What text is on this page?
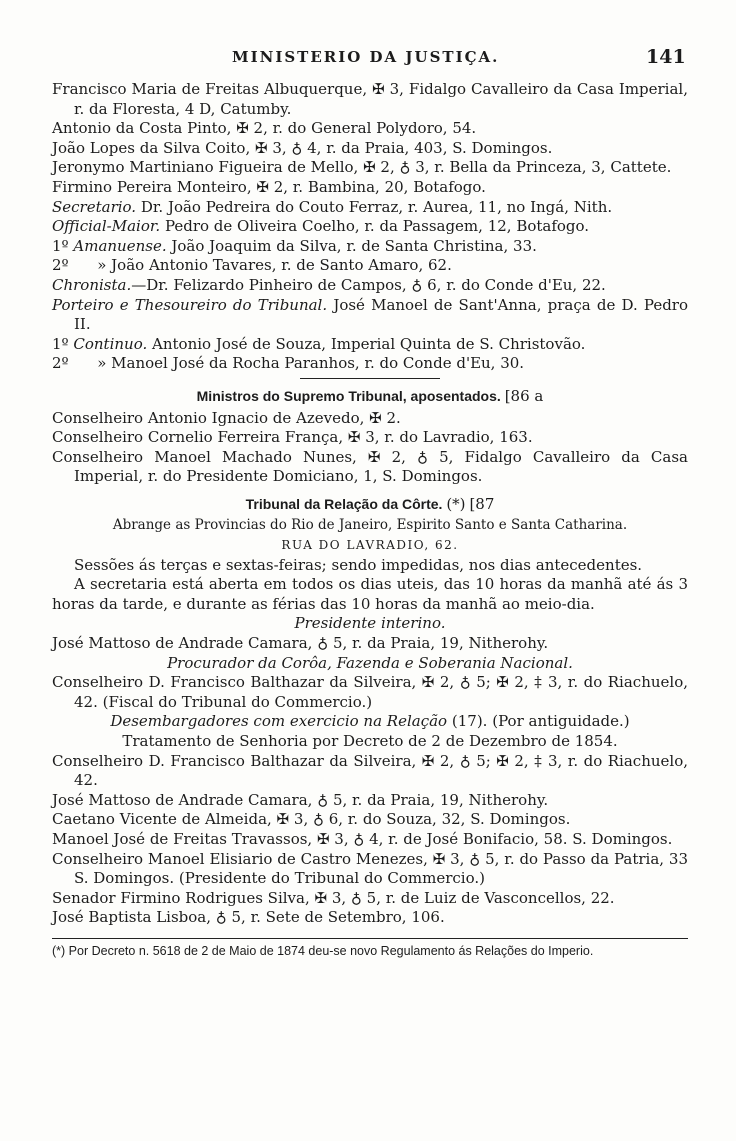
MINISTERIO DA JUSTIÇA.	141

Francisco Maria de Freitas Albuquerque, ✠ 3, Fidalgo Cavalleiro da Casa Imperial, r. da Floresta, 4 D, Catumby.

Antonio da Costa Pinto, ✠ 2, r. do General Polydoro, 54.

João Lopes da Silva Coito, ✠ 3, ♁ 4, r. da Praia, 403, S. Domingos.

Jeronymo Martiniano Figueira de Mello, ✠ 2, ♁ 3, r. Bella da Princeza, 3, Cattete.

Firmino Pereira Monteiro, ✠ 2, r. Bambina, 20, Botafogo.

Secretario. Dr. João Pedreira do Couto Ferraz, r. Aurea, 11, no Ingá, Nith.

Official-Maior. Pedro de Oliveira Coelho, r. da Passagem, 12, Botafogo.

1º Amanuense. João Joaquim da Silva, r. de Santa Christina, 33.

2º      » João Antonio Tavares, r. de Santo Amaro, 62.

Chronista.—Dr. Felizardo Pinheiro de Campos, ♁ 6, r. do Conde d'Eu, 22.

Porteiro e Thesoureiro do Tribunal. José Manoel de Sant'Anna, praça de D. Pedro II.

1º Continuo. Antonio José de Souza, Imperial Quinta de S. Christovão.

2º      » Manoel José da Rocha Paranhos, r. do Conde d'Eu, 30.

Ministros do Supremo Tribunal, aposentados. [86 a

Conselheiro Antonio Ignacio de Azevedo, ✠ 2.

Conselheiro Cornelio Ferreira França, ✠ 3, r. do Lavradio, 163.

Conselheiro Manoel Machado Nunes, ✠ 2, ♁ 5, Fidalgo Cavalleiro da Casa Imperial, r. do Presidente Domiciano, 1, S. Domingos.

Tribunal da Relação da Côrte. (*) [87

Abrange as Provincias do Rio de Janeiro, Espirito Santo e Santa Catharina.

RUA DO LAVRADIO, 62.

Sessões ás terças e sextas-feiras; sendo impedidas, nos dias antecedentes.

A secretaria está aberta em todos os dias uteis, das 10 horas da manhã até ás 3 horas da tarde, e durante as férias das 10 horas da manhã ao meio-dia.

Presidente interino.

José Mattoso de Andrade Camara, ♁ 5, r. da Praia, 19, Nitherohy.

Procurador da Corôa, Fazenda e Soberania Nacional.

Conselheiro D. Francisco Balthazar da Silveira, ✠ 2, ♁ 5; ✠ 2, ‡ 3, r. do Riachuelo, 42. (Fiscal do Tribunal do Commercio.)

Desembargadores com exercicio na Relação (17). (Por antiguidade.)

Tratamento de Senhoria por Decreto de 2 de Dezembro de 1854.

Conselheiro D. Francisco Balthazar da Silveira, ✠ 2, ♁ 5; ✠ 2, ‡ 3, r. do Riachuelo, 42.

José Mattoso de Andrade Camara, ♁ 5, r. da Praia, 19, Nitherohy.

Caetano Vicente de Almeida, ✠ 3, ♁ 6, r. do Souza, 32, S. Domingos.

Manoel José de Freitas Travassos, ✠ 3, ♁ 4, r. de José Bonifacio, 58. S. Domingos.

Conselheiro Manoel Elisiario de Castro Menezes, ✠ 3, ♁ 5, r. do Passo da Patria, 33 S. Domingos. (Presidente do Tribunal do Commercio.)

Senador Firmino Rodrigues Silva, ✠ 3, ♁ 5, r. de Luiz de Vasconcellos, 22.

José Baptista Lisboa, ♁ 5, r. Sete de Setembro, 106.

(*) Por Decreto n. 5618 de 2 de Maio de 1874 deu-se novo Regulamento ás Relações do Imperio.
